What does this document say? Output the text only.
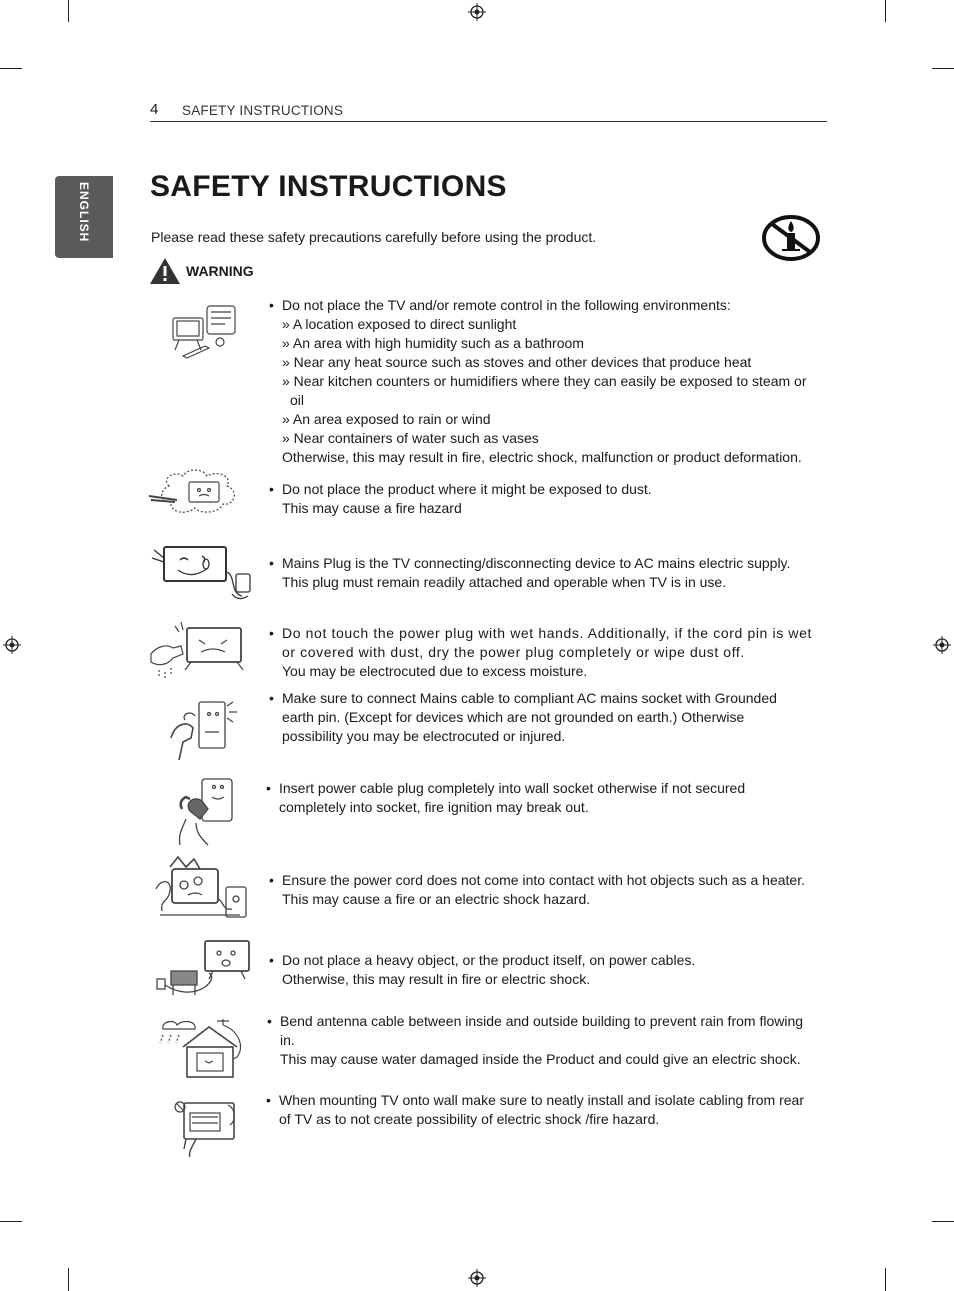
4 SAFETY INSTRUCTIONS
ENGLISH SAFETY INSTRUCTIONS
Please read these safety precautions carefully before using the product.
WARNING
• Do not place the TV and/or remote control in the following environments:

» A location exposed to direct sunlight

» An area with high humidity such as a bathroom

» Near any heat source such as stoves and other devices that produce heat

» Near kitchen counters or humidifiers where they can easily be exposed to steam or

oil

» An area exposed to rain or wind

» Near containers of water such as vases

Otherwise, this may result in fire, electric shock, malfunction or product deformation.

• Do not place the product where it might be exposed to dust.

This may cause a fire hazard

• Mains Plug is the TV connecting/disconnecting device to AC mains electric supply.

This plug must remain readily attached and operable when TV is in use.

• Do not touch the power plug with wet hands. Additionally, if the cord pin is wet or covered with dust, dry the power plug completely or wipe dust off.

You may be electrocuted due to excess moisture.

• Make sure to connect Mains cable to compliant AC mains socket with Grounded

earth pin. (Except for devices which are not grounded on earth.) Otherwise

possibility you may be electrocuted or injured.

• Insert power cable plug completely into wall socket otherwise if not secured

completely into socket, fire ignition may break out.

• Ensure the power cord does not come into contact with hot objects such as a heater.

This may cause a fire or an electric shock hazard.

• Do not place a heavy object, or the product itself, on power cables.

Otherwise, this may result in fire or electric shock.

• Bend antenna cable between inside and outside building to prevent rain from flowing

in.

This may cause water damaged inside the Product and could give an electric shock.

• When mounting TV onto wall make sure to neatly install and isolate cabling from rear

of TV as to not create possibility of electric shock /fire hazard.
